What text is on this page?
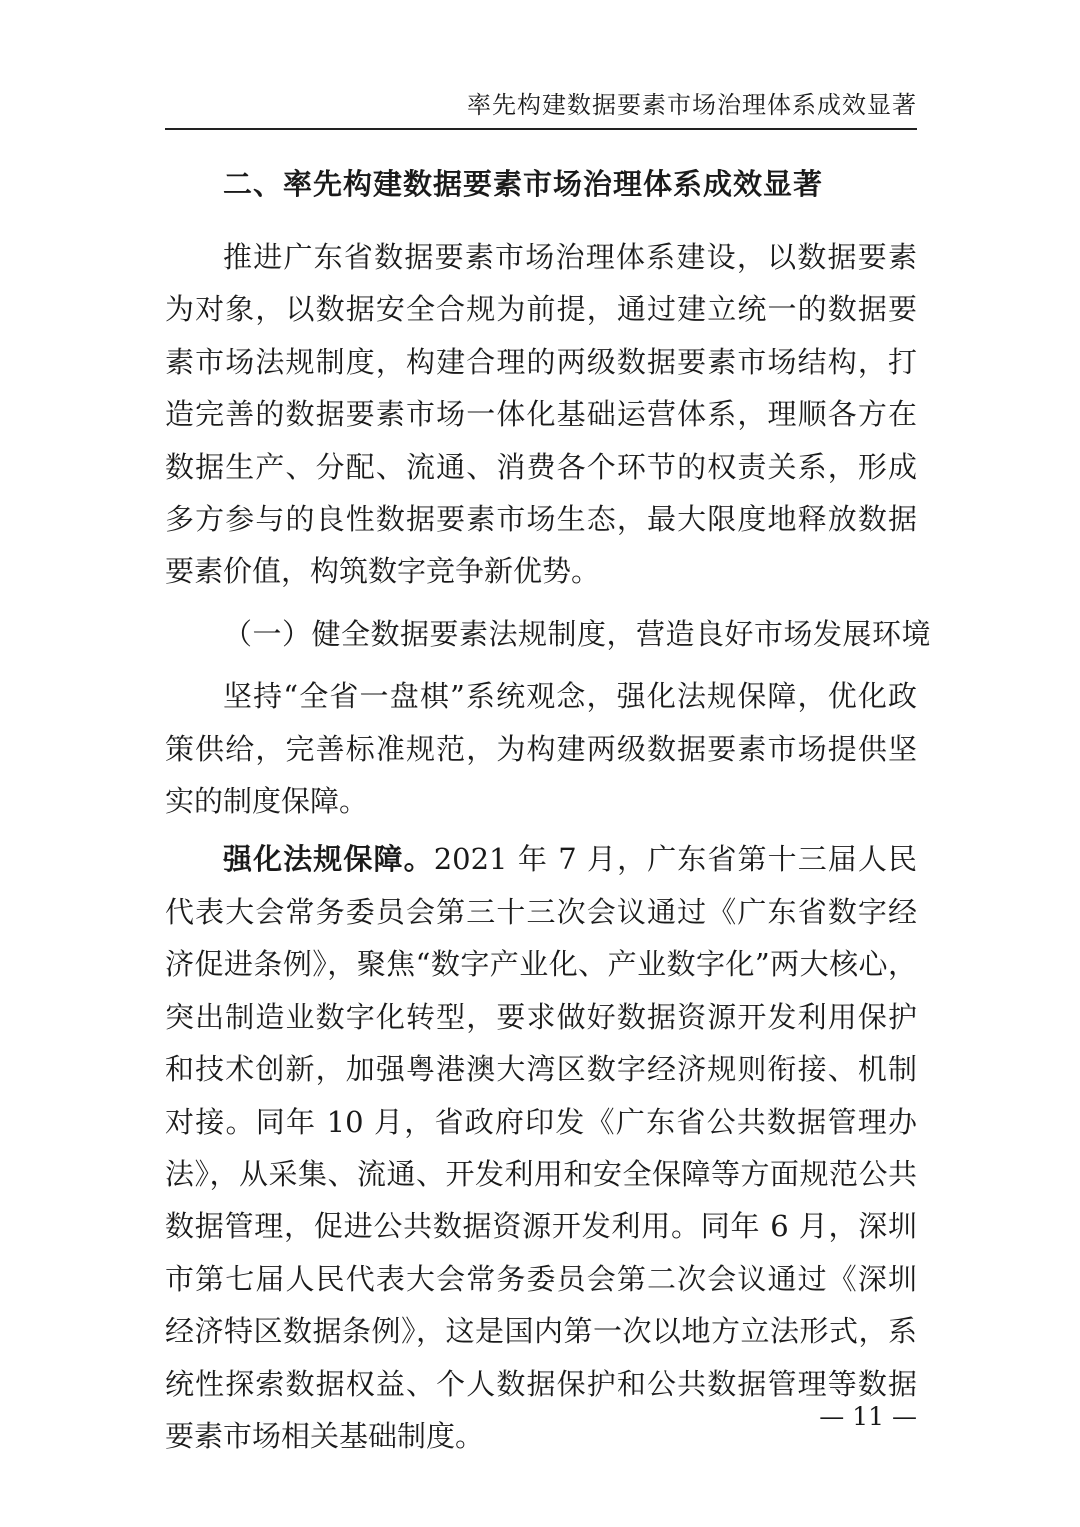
率先构建数据要素市场治理体系成效显著
二、率先构建数据要素市场治理体系成效显著

推进广东省数据要素市场治理体系建设，以数据要素为对象，以数据安全合规为前提，通过建立统一的数据要素市场法规制度，构建合理的两级数据要素市场结构，打造完善的数据要素市场一体化基础运营体系，理顺各方在数据生产、分配、流通、消费各个环节的权责关系，形成多方参与的良性数据要素市场生态，最大限度地释放数据要素价值，构筑数字竞争新优势。

（一）健全数据要素法规制度，营造良好市场发展环境

坚持“全省一盘棋”系统观念，强化法规保障，优化政策供给，完善标准规范，为构建两级数据要素市场提供坚实的制度保障。

强化法规保障。2021 年 7 月，广东省第十三届人民代表大会常务委员会第三十三次会议通过《广东省数字经济促进条例》，聚焦“数字产业化、产业数字化”两大核心，突出制造业数字化转型，要求做好数据资源开发利用保护和技术创新，加强粤港澳大湾区数字经济规则衔接、机制对接。同年 10 月，省政府印发《广东省公共数据管理办法》，从采集、流通、开发利用和安全保障等方面规范公共数据管理，促进公共数据资源开发利用。同年 6 月，深圳市第七届人民代表大会常务委员会第二次会议通过《深圳经济特区数据条例》，这是国内第一次以地方立法形式，系统性探索数据权益、个人数据保护和公共数据管理等数据要素市场相关基础制度。

— 11 —
